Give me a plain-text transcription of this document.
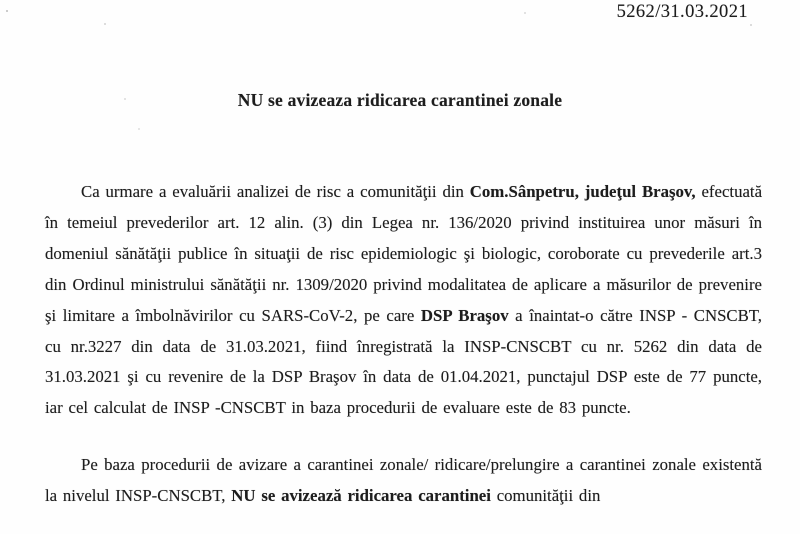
5262/31.03.2021
NU se avizeaza ridicarea carantinei zonale

Ca urmare a evaluării analizei de risc a comunităţii din Com.Sânpetru, judeţul Braşov, efectuată în temeiul prevederilor art. 12 alin. (3) din Legea nr. 136/2020 privind instituirea unor măsuri în domeniul sănătăţii publice în situaţii de risc epidemiologic şi biologic, coroborate cu prevederile art.3 din Ordinul ministrului sănătăţii nr. 1309/2020 privind modalitatea de aplicare a măsurilor de prevenire şi limitare a îmbolnăvirilor cu SARS-CoV-2, pe care DSP Braşov a înaintat-o către INSP - CNSCBT, cu nr.3227 din data de 31.03.2021, fiind înregistrată la INSP-CNSCBT cu nr. 5262 din data de 31.03.2021 şi cu revenire de la DSP Braşov în data de 01.04.2021, punctajul DSP este de 77 puncte, iar cel calculat de INSP -CNSCBT in baza procedurii de evaluare este de 83 puncte.

Pe baza procedurii de avizare a carantinei zonale/ ridicare/prelungire a carantinei zonale existentă la nivelul INSP-CNSCBT, NU se avizează ridicarea carantinei comunităţii din
